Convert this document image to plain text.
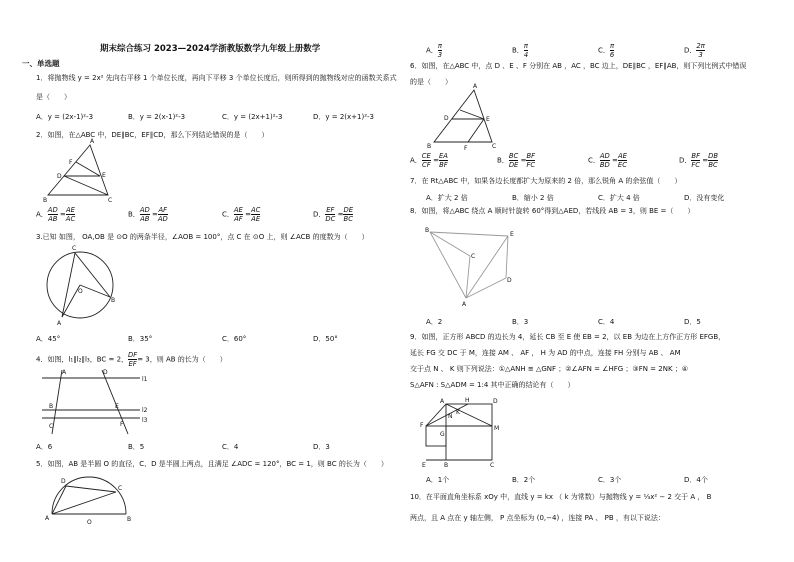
期末综合练习 2023—2024学浙教版数学九年级上册数学
一、单选题
1．将抛物线 y = 2x² 先向右平移 1 个单位长度，再向下平移 3 个单位长度后，则所得到的抛物线对应的函数关系式
是（　　）
A．y = (2x-1)²-3	B．y = 2(x-1)²-3	C．y = (2x+1)²-3	D．y = 2(x+1)²-3
2．如图，在△ABC 中，DE∥BC，EF∥CD，那么下列结论错误的是（　　）
A
F
D	E
B	C
A． $\frac{AD}{AB} = \frac{AE}{AC}$	B． $\frac{AD}{AB} = \frac{AF}{AD}$	C． $\frac{AE}{AF} = \frac{AC}{AE}$	D． $\frac{EF}{DC} = \frac{DE}{BC}$
3.已知 如图， OA,OB 是 ⊙O 的两条半径，∠AOB = 100°，点 C 在 ⊙O 上，则 ∠ACB 的度数为（　　）
C
O
B
A
A．45°	B．35°	C．60°	D．50°
4．如图，l₁∥l₂∥l₃，BC = 2， $\frac{DF}{EF} = 3$，则 AB 的长为（　　）
A	D
B	E
C	F
l1
l2
l3
A．6	B．5	C．4	D．3
5．如图，AB 是半圆 O 的直径，C、D 是半圆上两点，且满足 ∠ADC = 120°，BC = 1，则 BC 的长为（　　）
D
C
A
O	B
A． $\frac{\pi}{3}$	B． $\frac{\pi}{4}$	C． $\frac{\pi}{6}$	D． $\frac{2\pi}{3}$
6．如图，在△ABC 中，点 D 、E 、F 分别在 AB ，AC ，BC 边上，DE∥BC ，EF∥AB，则下列比例式中错误
的是（　　）
A
D	E
B	F	C
A． $\frac{CE}{CF} = \frac{EA}{BF}$	B． $\frac{BC}{DE} = \frac{BF}{FC}$	C． $\frac{AD}{BD} = \frac{AE}{EC}$	D． $\frac{BF}{FC} = \frac{DB}{BC}$
7．在 Rt△ABC 中，如果各边长度都扩大为原来的 2 倍，那么锐角 A 的余弦值（　　）
A．扩大 2 倍	B．缩小 2 倍	C．扩大 4 倍	D．没有变化
8．如图，将△ABC 绕点 A 顺时针旋转 60°得到△AED，若线段 AB = 3，则 BE =（　　）
B
E
C
D
A
A．2	B．3	C．4	D．5
9．如图，正方形 ABCD 的边长为 4，延长 CB 至 E 使 EB = 2，以 EB 为边在上方作正方形 EFGB，
延长 FG 交 DC 于 M，连接 AM 、 AF ， H 为 AD 的中点，连接 FH 分别与 AB 、 AM
交于点 N 、 K 则下列说法：①△ANH ≌ △GNF ；②∠AFN = ∠HFG ；③FN = 2NK ；④
S△AFN : S△ADM = 1:4 其中正确的结论有（　　）
A	H	D
K
N
F
G
M
E	B	C
A．1个	B．2个	C．3个	D．4个
10．在平面直角坐标系 xOy 中，直线 y = kx （ k 为常数）与抛物线 y = ⅓x² − 2 交于 A ， B
两点，且 A 点在 y 轴左侧， P 点坐标为 (0,−4) ，连接 PA 、 PB ，有以下说法：
